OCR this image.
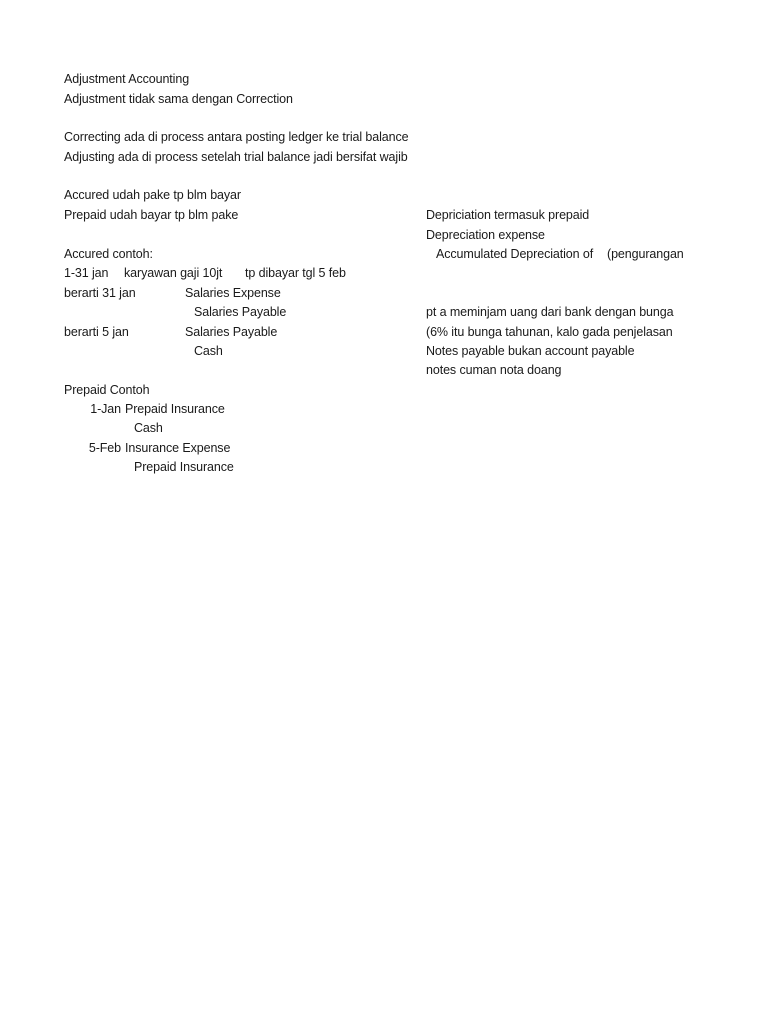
Adjustment Accounting
Adjustment tidak sama dengan Correction
Correcting ada di process antara posting ledger ke trial balance
Adjusting ada di process setelah trial balance jadi bersifat wajib
Accured udah pake tp blm bayar
Prepaid udah bayar tp blm pake
Accured contoh:
1-31 jan karyawan gaji 10jt tp dibayar tgl 5 feb
berarti 31 jan	Salaries Expense
Salaries Payable
berarti 5 jan	Salaries Payable
Cash
Prepaid Contoh
1-Jan Prepaid Insurance
Cash
5-Feb Insurance Expense
Prepaid Insurance
Depriciation termasuk prepaid
Depreciation expense
Accumulated Depreciation of (pengurangan
pt a meminjam uang dari bank dengan bunga
(6% itu bunga tahunan, kalo gada penjelasan
Notes payable bukan account payable
notes cuman nota doang
